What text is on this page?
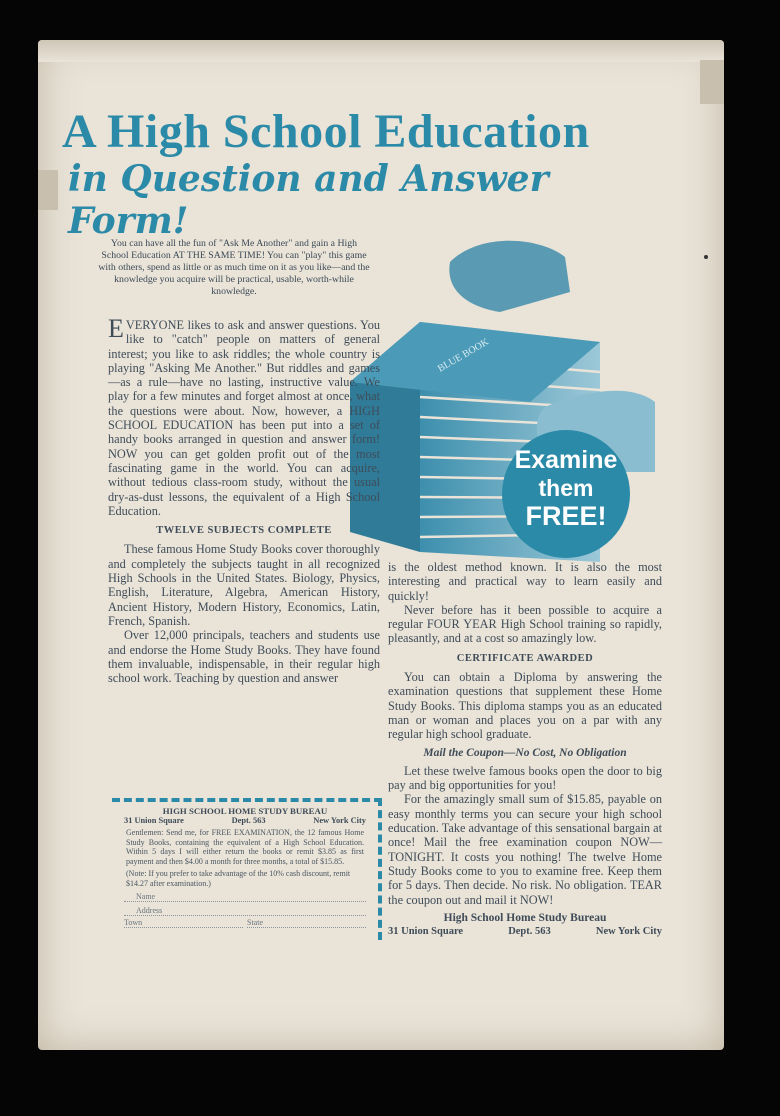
A High School Education
in Question and Answer Form!
You can have all the fun of "Ask Me Another" and gain a High School Education AT THE SAME TIME! You can "play" this game with others, spend as little or as much time on it as you like—and the knowledge you acquire will be practical, usable, worth-while knowledge.
BLUE BOOK
Examine
them
FREE!

EVERYONE likes to ask and answer questions. You like to "catch" people on matters of general interest; you like to ask riddles; the whole country is playing "Asking Me Another." But riddles and games—as a rule—have no lasting, instructive value. We play for a few minutes and forget almost at once, what the questions were about. Now, however, a HIGH SCHOOL EDUCATION has been put into a set of handy books arranged in question and answer form! NOW you can get golden profit out of the most fascinating game in the world. You can acquire, without tedious class-room study, without the usual dry-as-dust lessons, the equivalent of a High School Education.

TWELVE SUBJECTS COMPLETE

These famous Home Study Books cover thoroughly and completely the subjects taught in all recognized High Schools in the United States. Biology, Physics, English, Literature, Algebra, American History, Ancient History, Modern History, Economics, Latin, French, Spanish.

Over 12,000 principals, teachers and students use and endorse the Home Study Books. They have found them invaluable, indispensable, in their regular high school work. Teaching by question and answer

HIGH SCHOOL HOME STUDY BUREAU
31 Union Square	Dept. 563	New York City
Gentlemen: Send me, for FREE EXAMINATION, the 12 famous Home Study Books, containing the equivalent of a High School Education. Within 5 days I will either return the books or remit $3.85 as first payment and then $4.00 a month for three months, a total of $15.85.
(Note: If you prefer to take advantage of the 10% cash discount, remit $14.27 after examination.)
Name
Address
Town	State

is the oldest method known. It is also the most interesting and practical way to learn easily and quickly!

Never before has it been possible to acquire a regular FOUR YEAR High School training so rapidly, pleasantly, and at a cost so amazingly low.

CERTIFICATE AWARDED

You can obtain a Diploma by answering the examination questions that supplement these Home Study Books. This diploma stamps you as an educated man or woman and places you on a par with any regular high school graduate.

Mail the Coupon—No Cost, No Obligation

Let these twelve famous books open the door to big pay and big opportunities for you!

For the amazingly small sum of $15.85, payable on easy monthly terms you can secure your high school education. Take advantage of this sensational bargain at once! Mail the free examination coupon NOW—TONIGHT. It costs you nothing! The twelve Home Study Books come to you to examine free. Keep them for 5 days. Then decide. No risk. No obligation. TEAR the coupon out and mail it NOW!

High School Home Study Bureau
31 Union Square	Dept. 563	New York City
